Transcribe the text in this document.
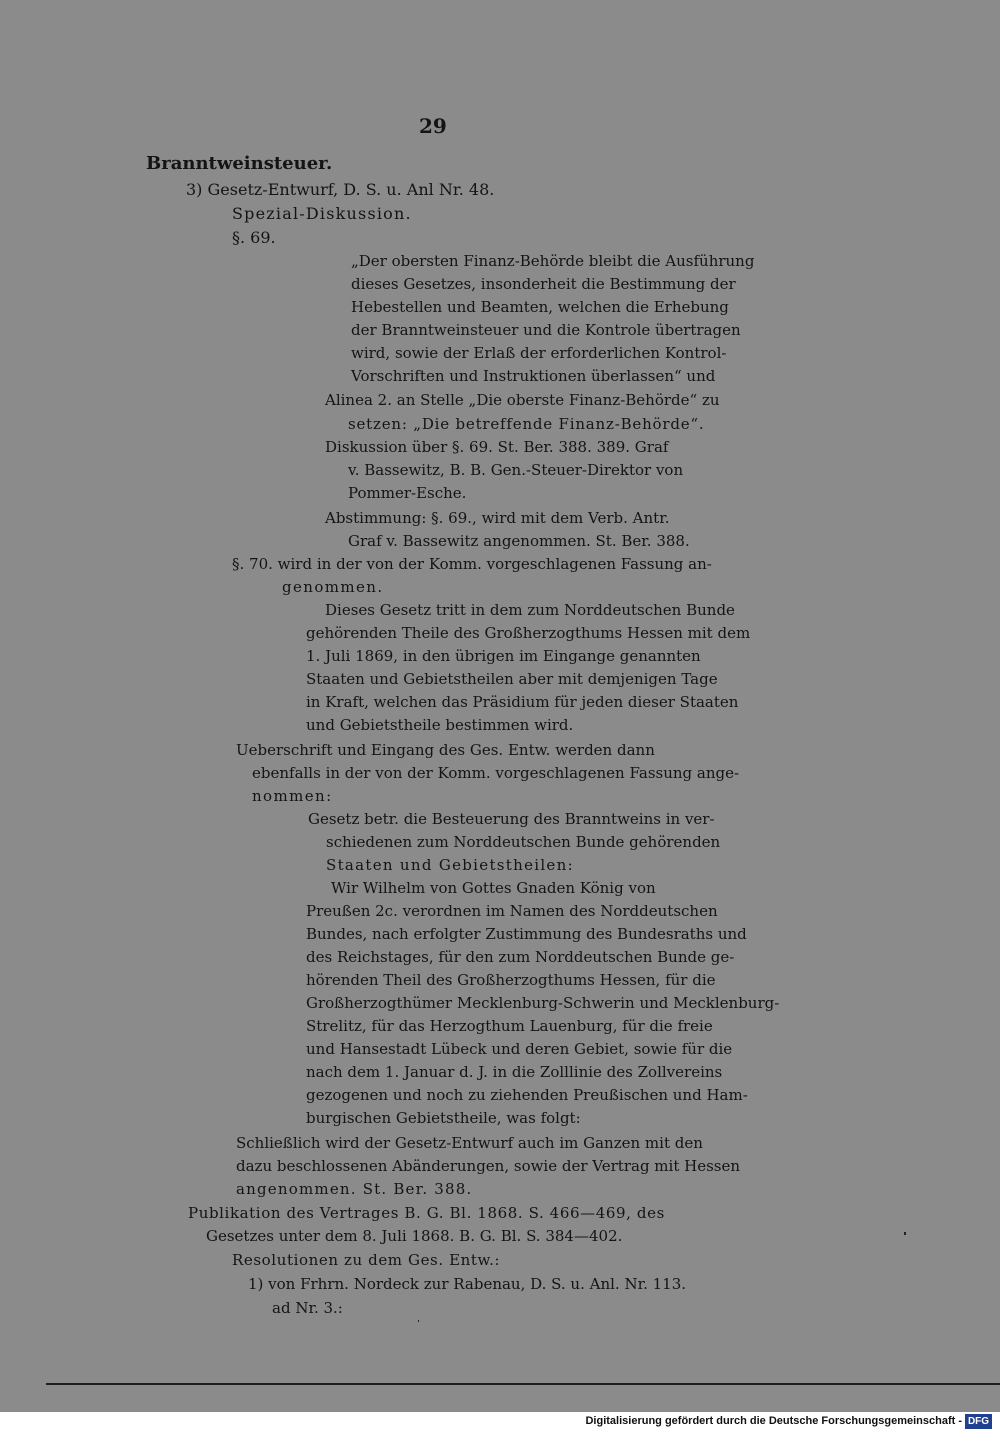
29
Branntweinsteuer.
3) Gesetz-Entwurf, D. S. u. Anl Nr. 48.
Spezial-Diskussion.
§. 69.
„Der obersten Finanz-Behörde bleibt die Ausführung
dieses Gesetzes, insonderheit die Bestimmung der
Hebestellen und Beamten, welchen die Erhebung
der Branntweinsteuer und die Kontrole übertragen
wird, sowie der Erlaß der erforderlichen Kontrol-
Vorschriften und Instruktionen überlassen“ und
Alinea 2. an Stelle „Die oberste Finanz-Behörde“ zu
setzen: „Die betreffende Finanz-Behörde“.
Diskussion über §. 69. St. Ber. 388. 389. Graf
v. Bassewitz, B. B. Gen.-Steuer-Direktor von
Pommer-Esche.
Abstimmung: §. 69., wird mit dem Verb. Antr.
Graf v. Bassewitz angenommen. St. Ber. 388.
§. 70. wird in der von der Komm. vorgeschlagenen Fassung an-
genommen.
Dieses Gesetz tritt in dem zum Norddeutschen Bunde
gehörenden Theile des Großherzogthums Hessen mit dem
1. Juli 1869, in den übrigen im Eingange genannten
Staaten und Gebietstheilen aber mit demjenigen Tage
in Kraft, welchen das Präsidium für jeden dieser Staaten
und Gebietstheile bestimmen wird.
Ueberschrift und Eingang des Ges. Entw. werden dann
ebenfalls in der von der Komm. vorgeschlagenen Fassung ange-
nommen:
Gesetz betr. die Besteuerung des Branntweins in ver-
schiedenen zum Norddeutschen Bunde gehörenden
Staaten und Gebietstheilen:
Wir Wilhelm von Gottes Gnaden König von
Preußen 2c. verordnen im Namen des Norddeutschen
Bundes, nach erfolgter Zustimmung des Bundesraths und
des Reichstages, für den zum Norddeutschen Bunde ge-
hörenden Theil des Großherzogthums Hessen, für die
Großherzogthümer Mecklenburg-Schwerin und Mecklenburg-
Strelitz, für das Herzogthum Lauenburg, für die freie
und Hansestadt Lübeck und deren Gebiet, sowie für die
nach dem 1. Januar d. J. in die Zolllinie des Zollvereins
gezogenen und noch zu ziehenden Preußischen und Ham-
burgischen Gebietstheile, was folgt:
Schließlich wird der Gesetz-Entwurf auch im Ganzen mit den
dazu beschlossenen Abänderungen, sowie der Vertrag mit Hessen
angenommen. St. Ber. 388.
Publikation des Vertrages B. G. Bl. 1868. S. 466—469, des
Gesetzes unter dem 8. Juli 1868. B. G. Bl. S. 384—402.
Resolutionen zu dem Ges. Entw.:
1) von Frhrn. Nordeck zur Rabenau, D. S. u. Anl. Nr. 113.
ad Nr. 3.:
Digitalisierung gefördert durch die Deutsche Forschungsgemeinschaft - DFG
